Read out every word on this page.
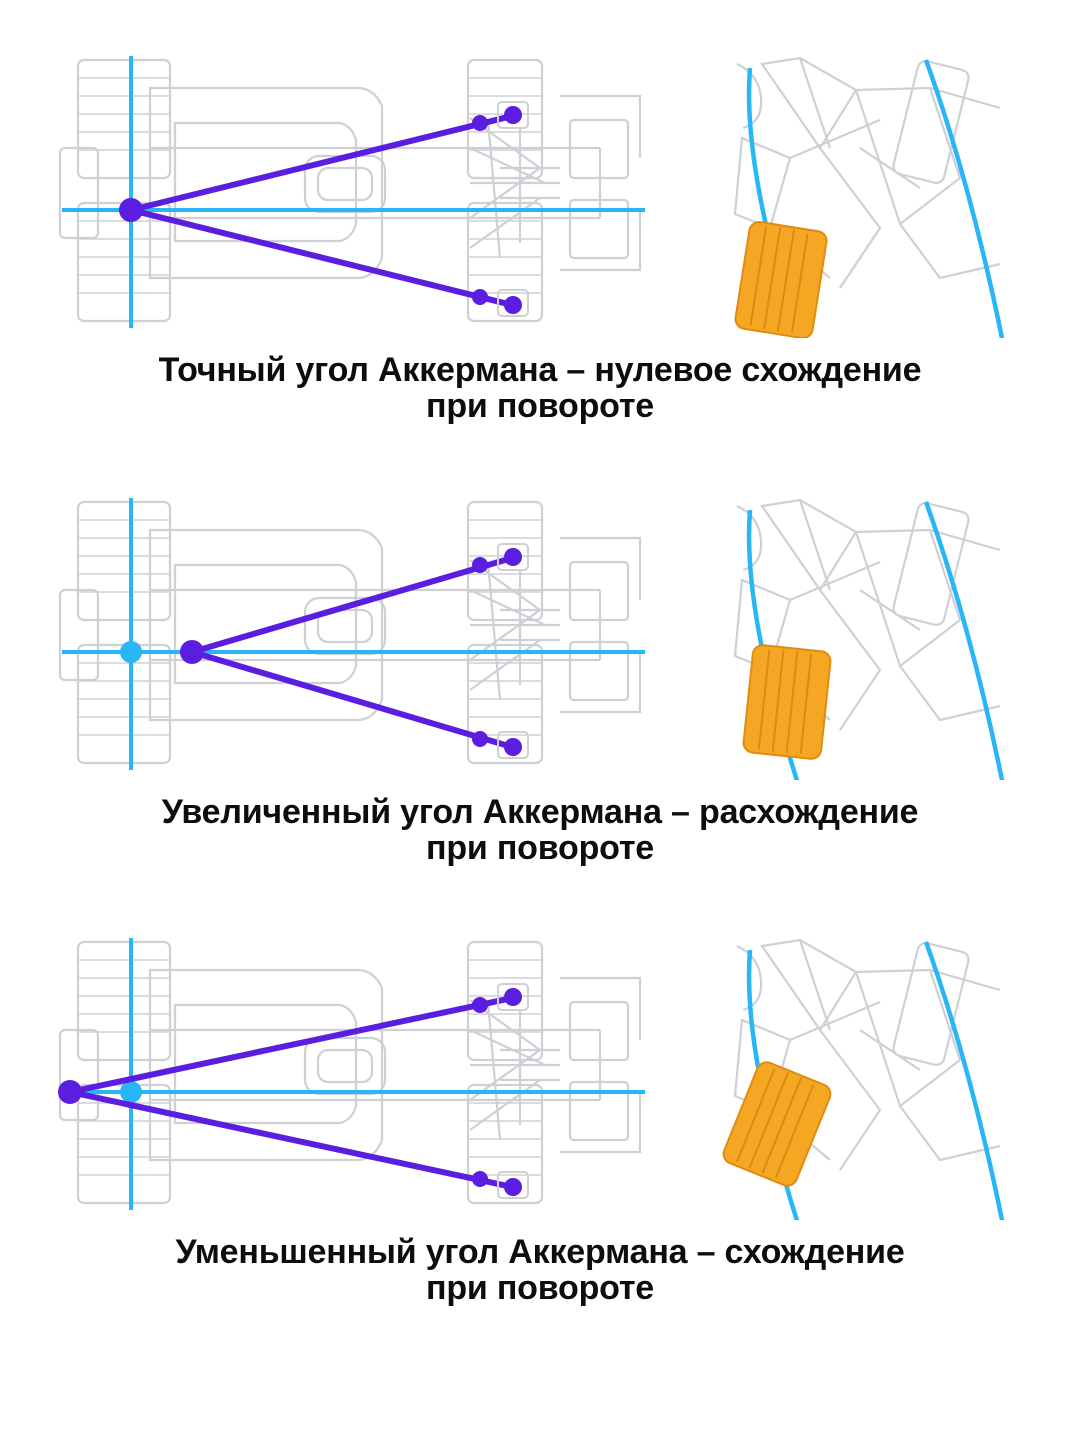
Точный угол Аккермана – нулевое схождение
при повороте
Увеличенный угол Аккермана – расхождение
при повороте
Уменьшенный угол Аккермана – схождение
при повороте
